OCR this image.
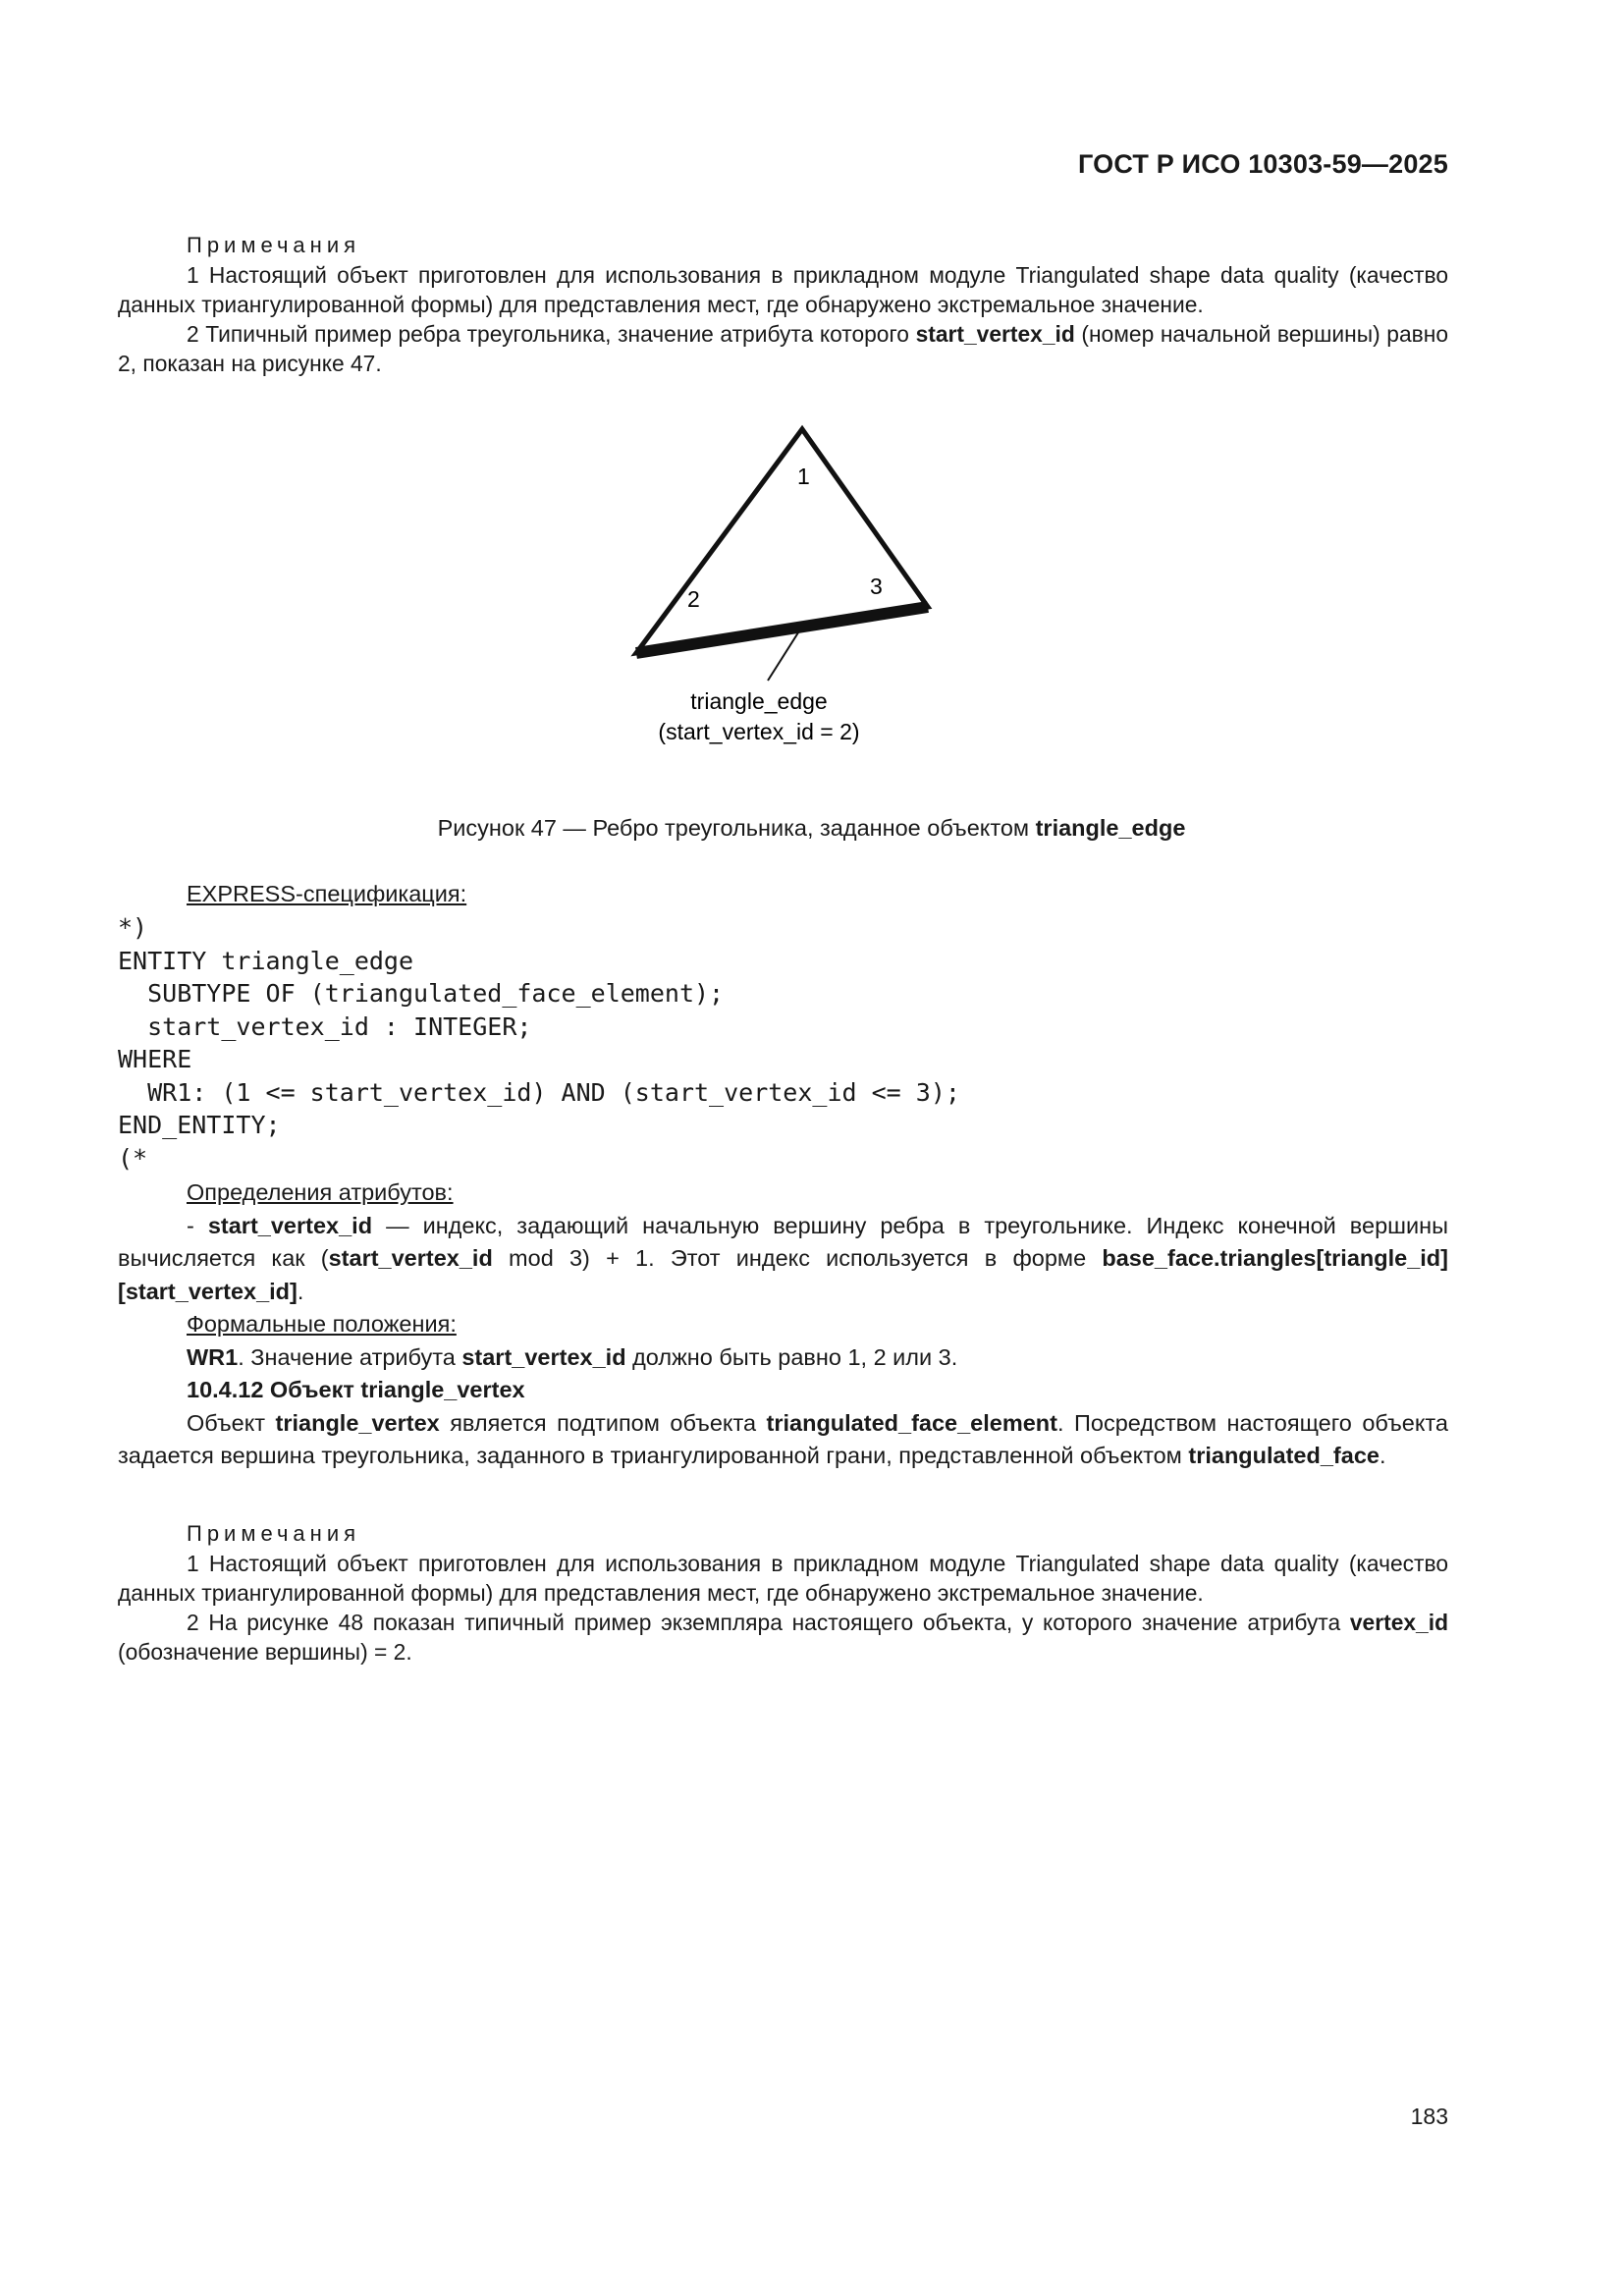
ГОСТ Р ИСО 10303-59—2025
Примечания

1 Настоящий объект приготовлен для использования в прикладном модуле Triangulated shape data quality (качество данных триангулированной формы) для представления мест, где обнаружено экстремальное значение.

2 Типичный пример ребра треугольника, значение атрибута которого start_vertex_id (номер начальной вершины) равно 2, показан на рисунке 47.

1
2	3
triangle_edge
(start_vertex_id = 2)
Рисунок 47 — Ребро треугольника, заданное объектом triangle_edge
EXPRESS-спецификация:
*)
ENTITY triangle_edge
SUBTYPE OF (triangulated_face_element);
start_vertex_id : INTEGER;
WHERE
WR1: (1 <= start_vertex_id) AND (start_vertex_id <= 3);
END_ENTITY;
(*
Определения атрибутов:

- start_vertex_id — индекс, задающий начальную вершину ребра в треугольнике. Индекс конечной вершины вычисляется как (start_vertex_id mod 3) + 1. Этот индекс используется в форме base_face.triangles[triangle_id][start_vertex_id].

Формальные положения:

WR1. Значение атрибута start_vertex_id должно быть равно 1, 2 или 3.

10.4.12 Объект triangle_vertex

Объект triangle_vertex является подтипом объекта triangulated_face_element. Посредством настоящего объекта задается вершина треугольника, заданного в триангулированной грани, представленной объектом triangulated_face.

Примечания

1 Настоящий объект приготовлен для использования в прикладном модуле Triangulated shape data quality (качество данных триангулированной формы) для представления мест, где обнаружено экстремальное значение.

2 На рисунке 48 показан типичный пример экземпляра настоящего объекта, у которого значение атрибута vertex_id (обозначение вершины) = 2.

183
